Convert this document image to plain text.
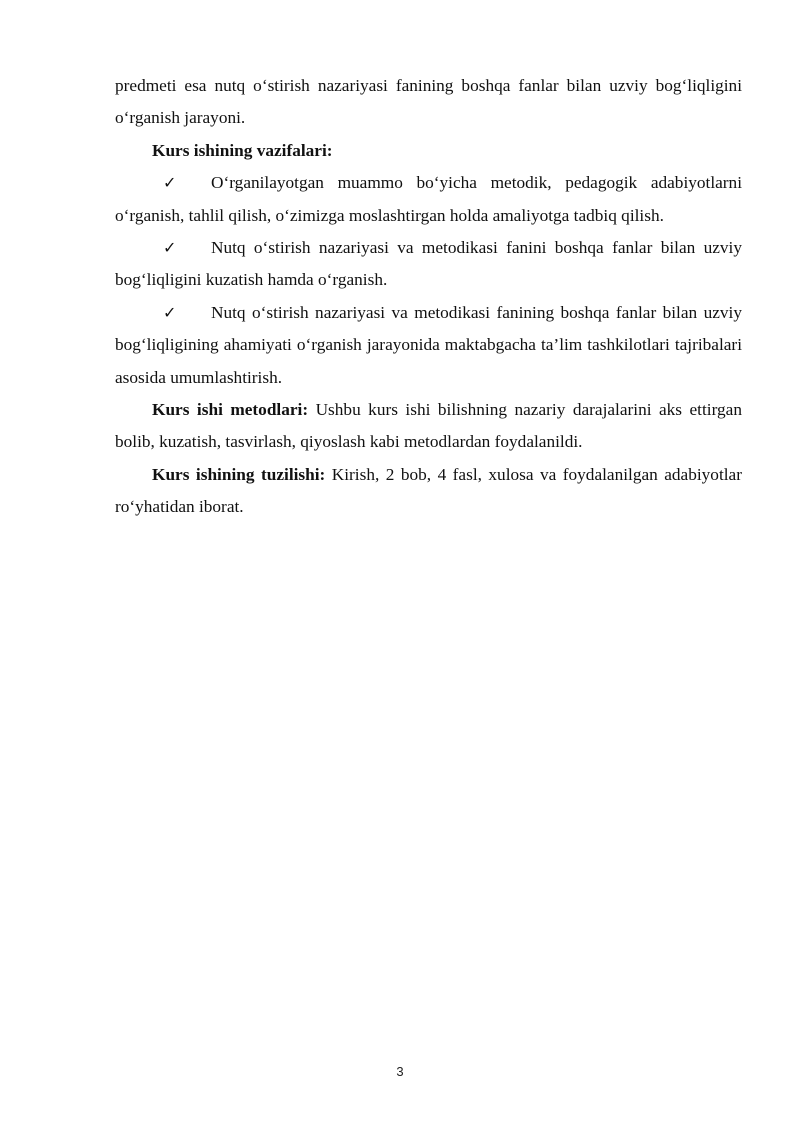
predmeti esa nutq o‘stirish nazariyasi fanining boshqa fanlar bilan uzviy bog‘liqligini o‘rganish jarayoni.

Kurs ishining vazifalari:

✓ O‘rganilayotgan muammo bo‘yicha metodik, pedagogik adabiyotlarni o‘rganish, tahlil qilish, o‘zimizga moslashtirgan holda amaliyotga tadbiq qilish.

✓ Nutq o‘stirish nazariyasi va metodikasi fanini boshqa fanlar bilan uzviy bog‘liqligini kuzatish hamda o‘rganish.

✓ Nutq o‘stirish nazariyasi va metodikasi fanining boshqa fanlar bilan uzviy bog‘liqligining ahamiyati o‘rganish jarayonida maktabgacha ta’lim tashkilotlari tajribalari asosida umumlashtirish.

Kurs ishi metodlari: Ushbu kurs ishi bilishning nazariy darajalarini aks ettirgan bolib, kuzatish, tasvirlash, qiyoslash kabi metodlardan foydalanildi.

Kurs ishining tuzilishi: Kirish, 2 bob, 4 fasl, xulosa va foydalanilgan adabiyotlar ro‘yhatidan iborat.

3
